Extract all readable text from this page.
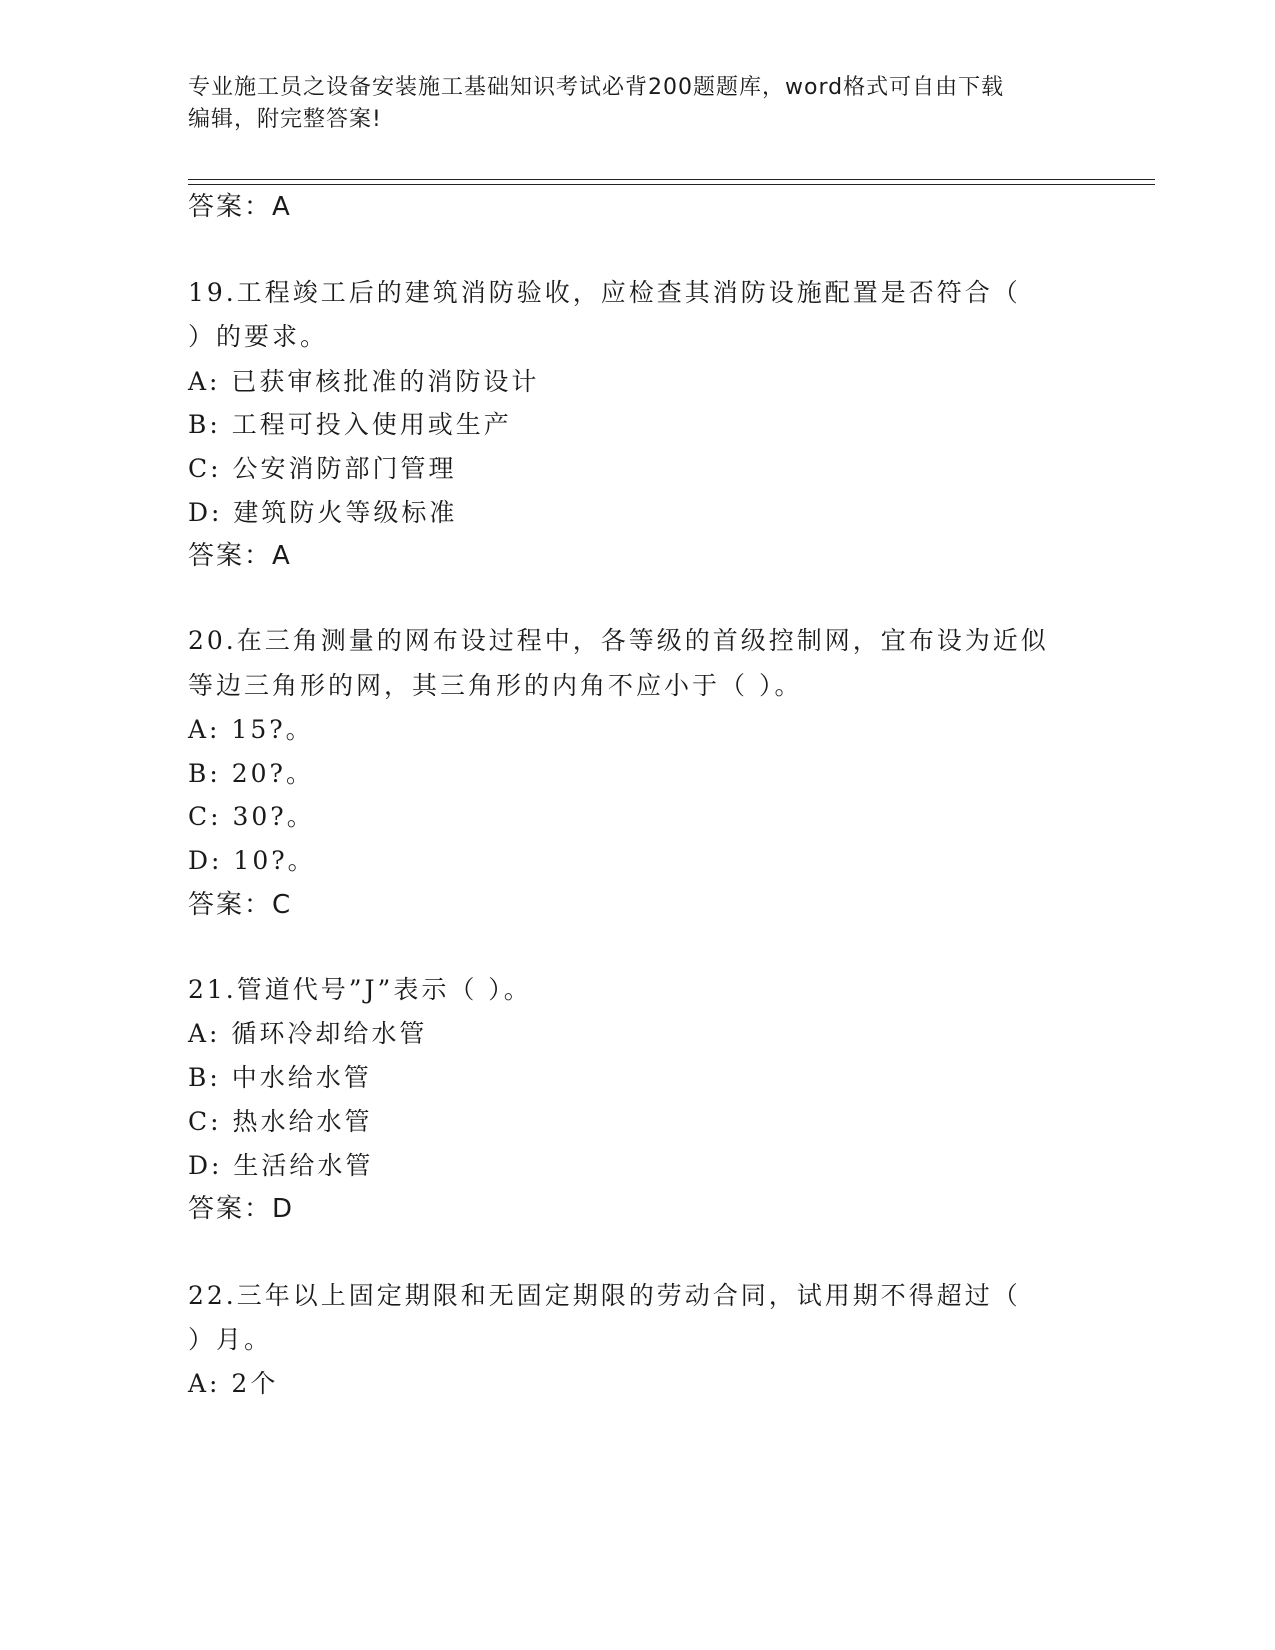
专业施工员之设备安装施工基础知识考试必背200题题库，word格式可自由下载
编辑，附完整答案!
答案：A
19.工程竣工后的建筑消防验收，应检查其消防设施配置是否符合（
）的要求。
A: 已获审核批准的消防设计
B: 工程可投入使用或生产
C: 公安消防部门管理
D: 建筑防火等级标准
答案：A
20.在三角测量的网布设过程中，各等级的首级控制网，宜布设为近似
等边三角形的网，其三角形的内角不应小于（ ）。
A: 15?。
B: 20?。
C: 30?。
D: 10?。
答案：C
21.管道代号”J”表示（ ）。
A: 循环冷却给水管
B: 中水给水管
C: 热水给水管
D: 生活给水管
答案：D
22.三年以上固定期限和无固定期限的劳动合同，试用期不得超过（
）月。
A: 2个
